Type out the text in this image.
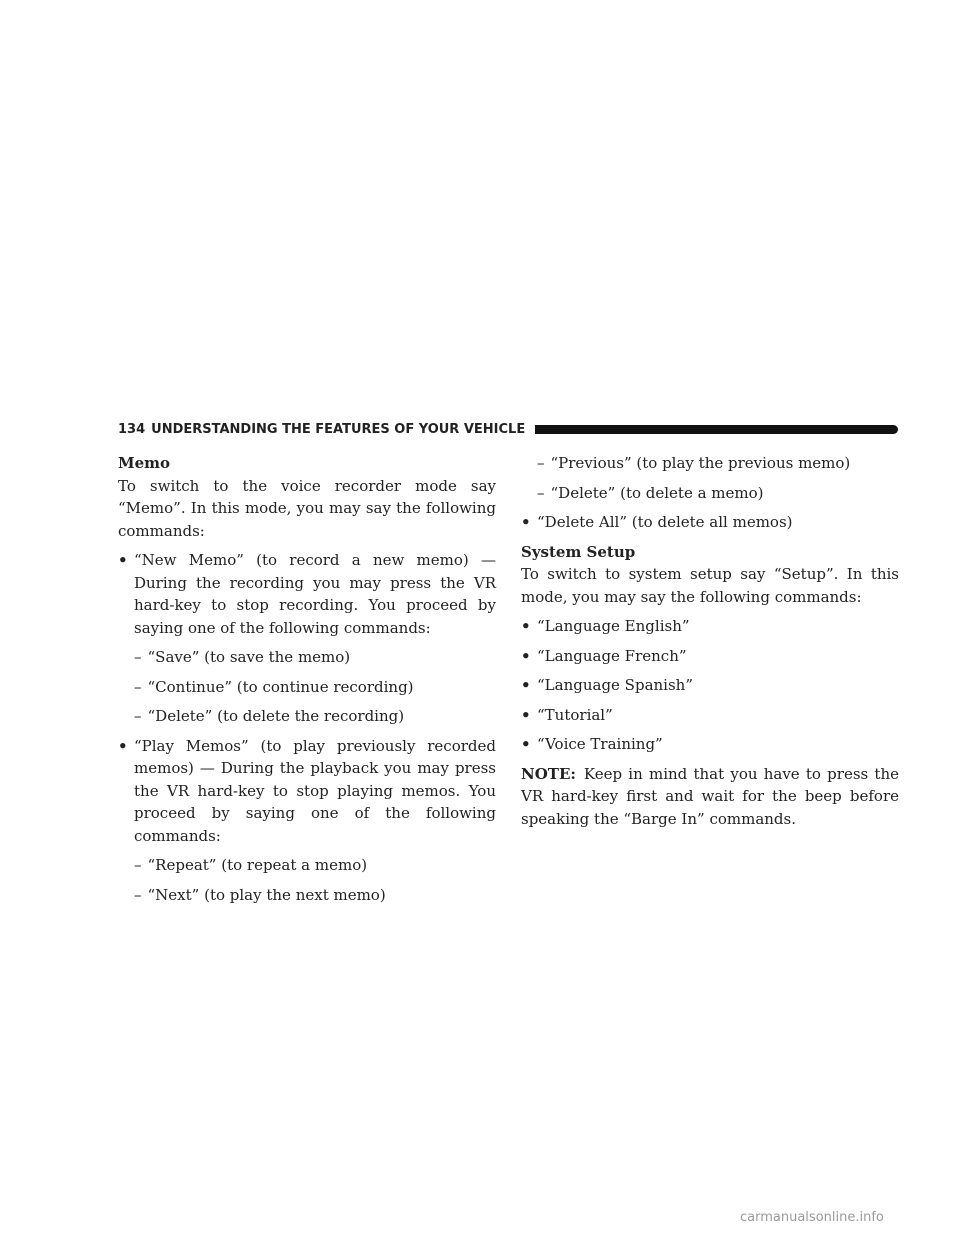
134 UNDERSTANDING THE FEATURES OF YOUR VEHICLE
Memo
To switch to the voice recorder mode say “Memo”. In this mode, you may say the following commands:
• “New Memo” (to record a new memo) — During the recording you may press the VR hard-key to stop recording. You proceed by saying one of the following commands:
– “Save” (to save the memo)
– “Continue” (to continue recording)
– “Delete” (to delete the recording)
• “Play Memos” (to play previously recorded memos) — During the playback you may press the VR hard-key to stop playing memos. You proceed by saying one of the following commands:
– “Repeat” (to repeat a memo)
– “Next” (to play the next memo)
– “Previous” (to play the previous memo)
– “Delete” (to delete a memo)
• “Delete All” (to delete all memos)
System Setup
To switch to system setup say “Setup”. In this mode, you may say the following commands:
• “Language English”
• “Language French”
• “Language Spanish”
• “Tutorial”
• “Voice Training”
NOTE: Keep in mind that you have to press the VR hard-key first and wait for the beep before speaking the “Barge In” commands.
carmanualsonline.info
